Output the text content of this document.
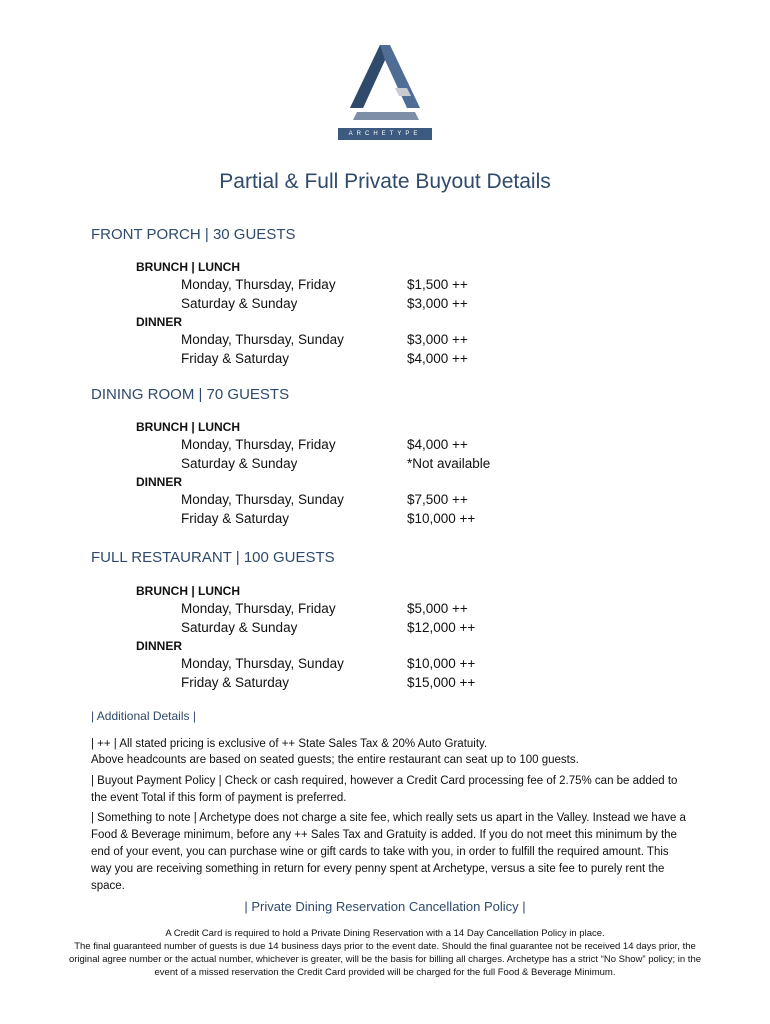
ARCHETYPE
Partial & Full Private Buyout Details
FRONT PORCH | 30 GUESTS
BRUNCH | LUNCH
Monday, Thursday, Friday	$1,500 ++
Saturday & Sunday	$3,000 ++
DINNER
Monday, Thursday, Sunday	$3,000 ++
Friday & Saturday	$4,000 ++
DINING ROOM | 70 GUESTS
BRUNCH | LUNCH
Monday, Thursday, Friday	$4,000 ++
Saturday & Sunday	*Not available
DINNER
Monday, Thursday, Sunday	$7,500 ++
Friday & Saturday	$10,000 ++
FULL RESTAURANT | 100 GUESTS
BRUNCH | LUNCH
Monday, Thursday, Friday	$5,000 ++
Saturday & Sunday	$12,000 ++
DINNER
Monday, Thursday, Sunday	$10,000 ++
Friday & Saturday	$15,000 ++
| Additional Details |
| ++ | All stated pricing is exclusive of ++ State Sales Tax & 20% Auto Gratuity.
Above headcounts are based on seated guests; the entire restaurant can seat up to 100 guests.
| Buyout Payment Policy | Check or cash required, however a Credit Card processing fee of 2.75% can be added to the event Total if this form of payment is preferred.
| Something to note | Archetype does not charge a site fee, which really sets us apart in the Valley. Instead we have a Food & Beverage minimum, before any ++ Sales Tax and Gratuity is added. If you do not meet this minimum by the end of your event, you can purchase wine or gift cards to take with you, in order to fulfill the required amount. This way you are receiving something in return for every penny spent at Archetype, versus a site fee to purely rent the space.
| Private Dining Reservation Cancellation Policy |
A Credit Card is required to hold a Private Dining Reservation with a 14 Day Cancellation Policy in place.
The final guaranteed number of guests is due 14 business days prior to the event date. Should the final guarantee not be received 14 days prior, the original agree number or the actual number, whichever is greater, will be the basis for billing all charges. Archetype has a strict “No Show” policy; in the event of a missed reservation the Credit Card provided will be charged for the full Food & Beverage Minimum.
